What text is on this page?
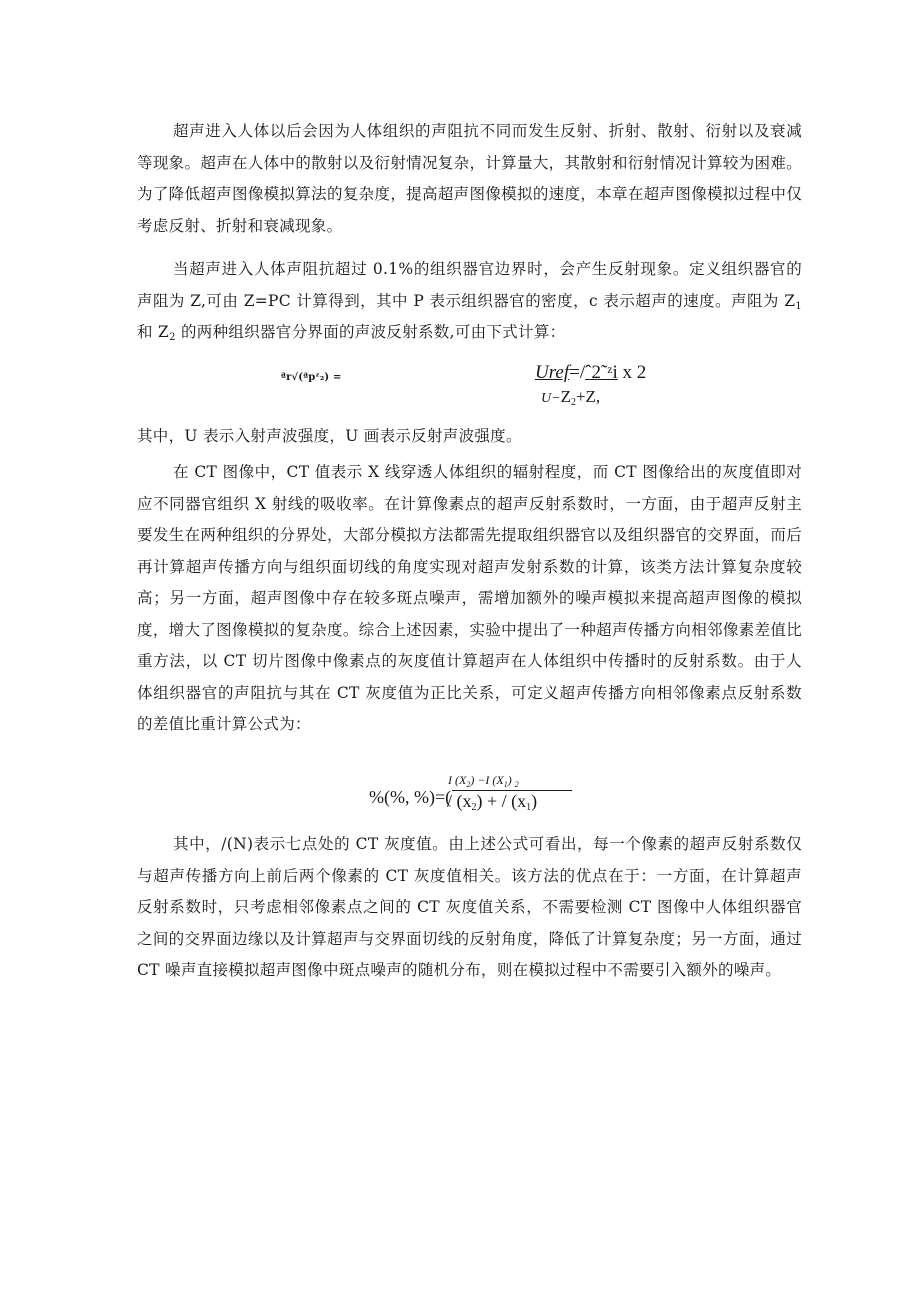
超声进入人体以后会因为人体组织的声阻抗不同而发生反射、折射、散射、衍射以及衰减等现象。超声在人体中的散射以及衍射情况复杂，计算量大，其散射和衍射情况计算较为困难。为了降低超声图像模拟算法的复杂度，提高超声图像模拟的速度，本章在超声图像模拟过程中仅考虑反射、折射和衰减现象。

当超声进入人体声阻抗超过 0.1%的组织器官边界时，会产生反射现象。定义组织器官的声阻为 Z,可由 Z=PC 计算得到，其中 P 表示组织器官的密度，c 表示超声的速度。声阻为 $Z_1$ 和 $Z_2$ 的两种组织器官分界面的声波反射系数,可由下式计算：

ªr√(ªpᶻ₂) =	Uref=/ˆ2˜ᶻi x 2
$U-Z_2+Z$,

其中，U 表示入射声波强度，U 画表示反射声波强度。

在 CT 图像中，CT 值表示 X 线穿透人体组织的辐射程度，而 CT 图像给出的灰度值即对应不同器官组织 X 射线的吸收率。在计算像素点的超声反射系数时，一方面，由于超声反射主要发生在两种组织的分界处，大部分模拟方法都需先提取组织器官以及组织器官的交界面，而后再计算超声传播方向与组织面切线的角度实现对超声发射系数的计算，该类方法计算复杂度较高；另一方面，超声图像中存在较多斑点噪声，需增加额外的噪声模拟来提高超声图像的模拟度，增大了图像模拟的复杂度。综合上述因素，实验中提出了一种超声传播方向相邻像素差值比重方法，以 CT 切片图像中像素点的灰度值计算超声在人体组织中传播时的反射系数。由于人体组织器官的声阻抗与其在 CT 灰度值为正比关系，可定义超声传播方向相邻像素点反射系数的差值比重计算公式为：

%(%, %)=(
I $(X_2) -I$ $(X_1)$ $_2$
/ $(x_2)$ + / $(x_1)$

其中，/(N)表示七点处的 CT 灰度值。由上述公式可看出，每一个像素的超声反射系数仅与超声传播方向上前后两个像素的 CT 灰度值相关。该方法的优点在于：一方面，在计算超声反射系数时，只考虑相邻像素点之间的 CT 灰度值关系，不需要检测 CT 图像中人体组织器官之间的交界面边缘以及计算超声与交界面切线的反射角度，降低了计算复杂度；另一方面，通过 CT 噪声直接模拟超声图像中斑点噪声的随机分布，则在模拟过程中不需要引入额外的噪声。
